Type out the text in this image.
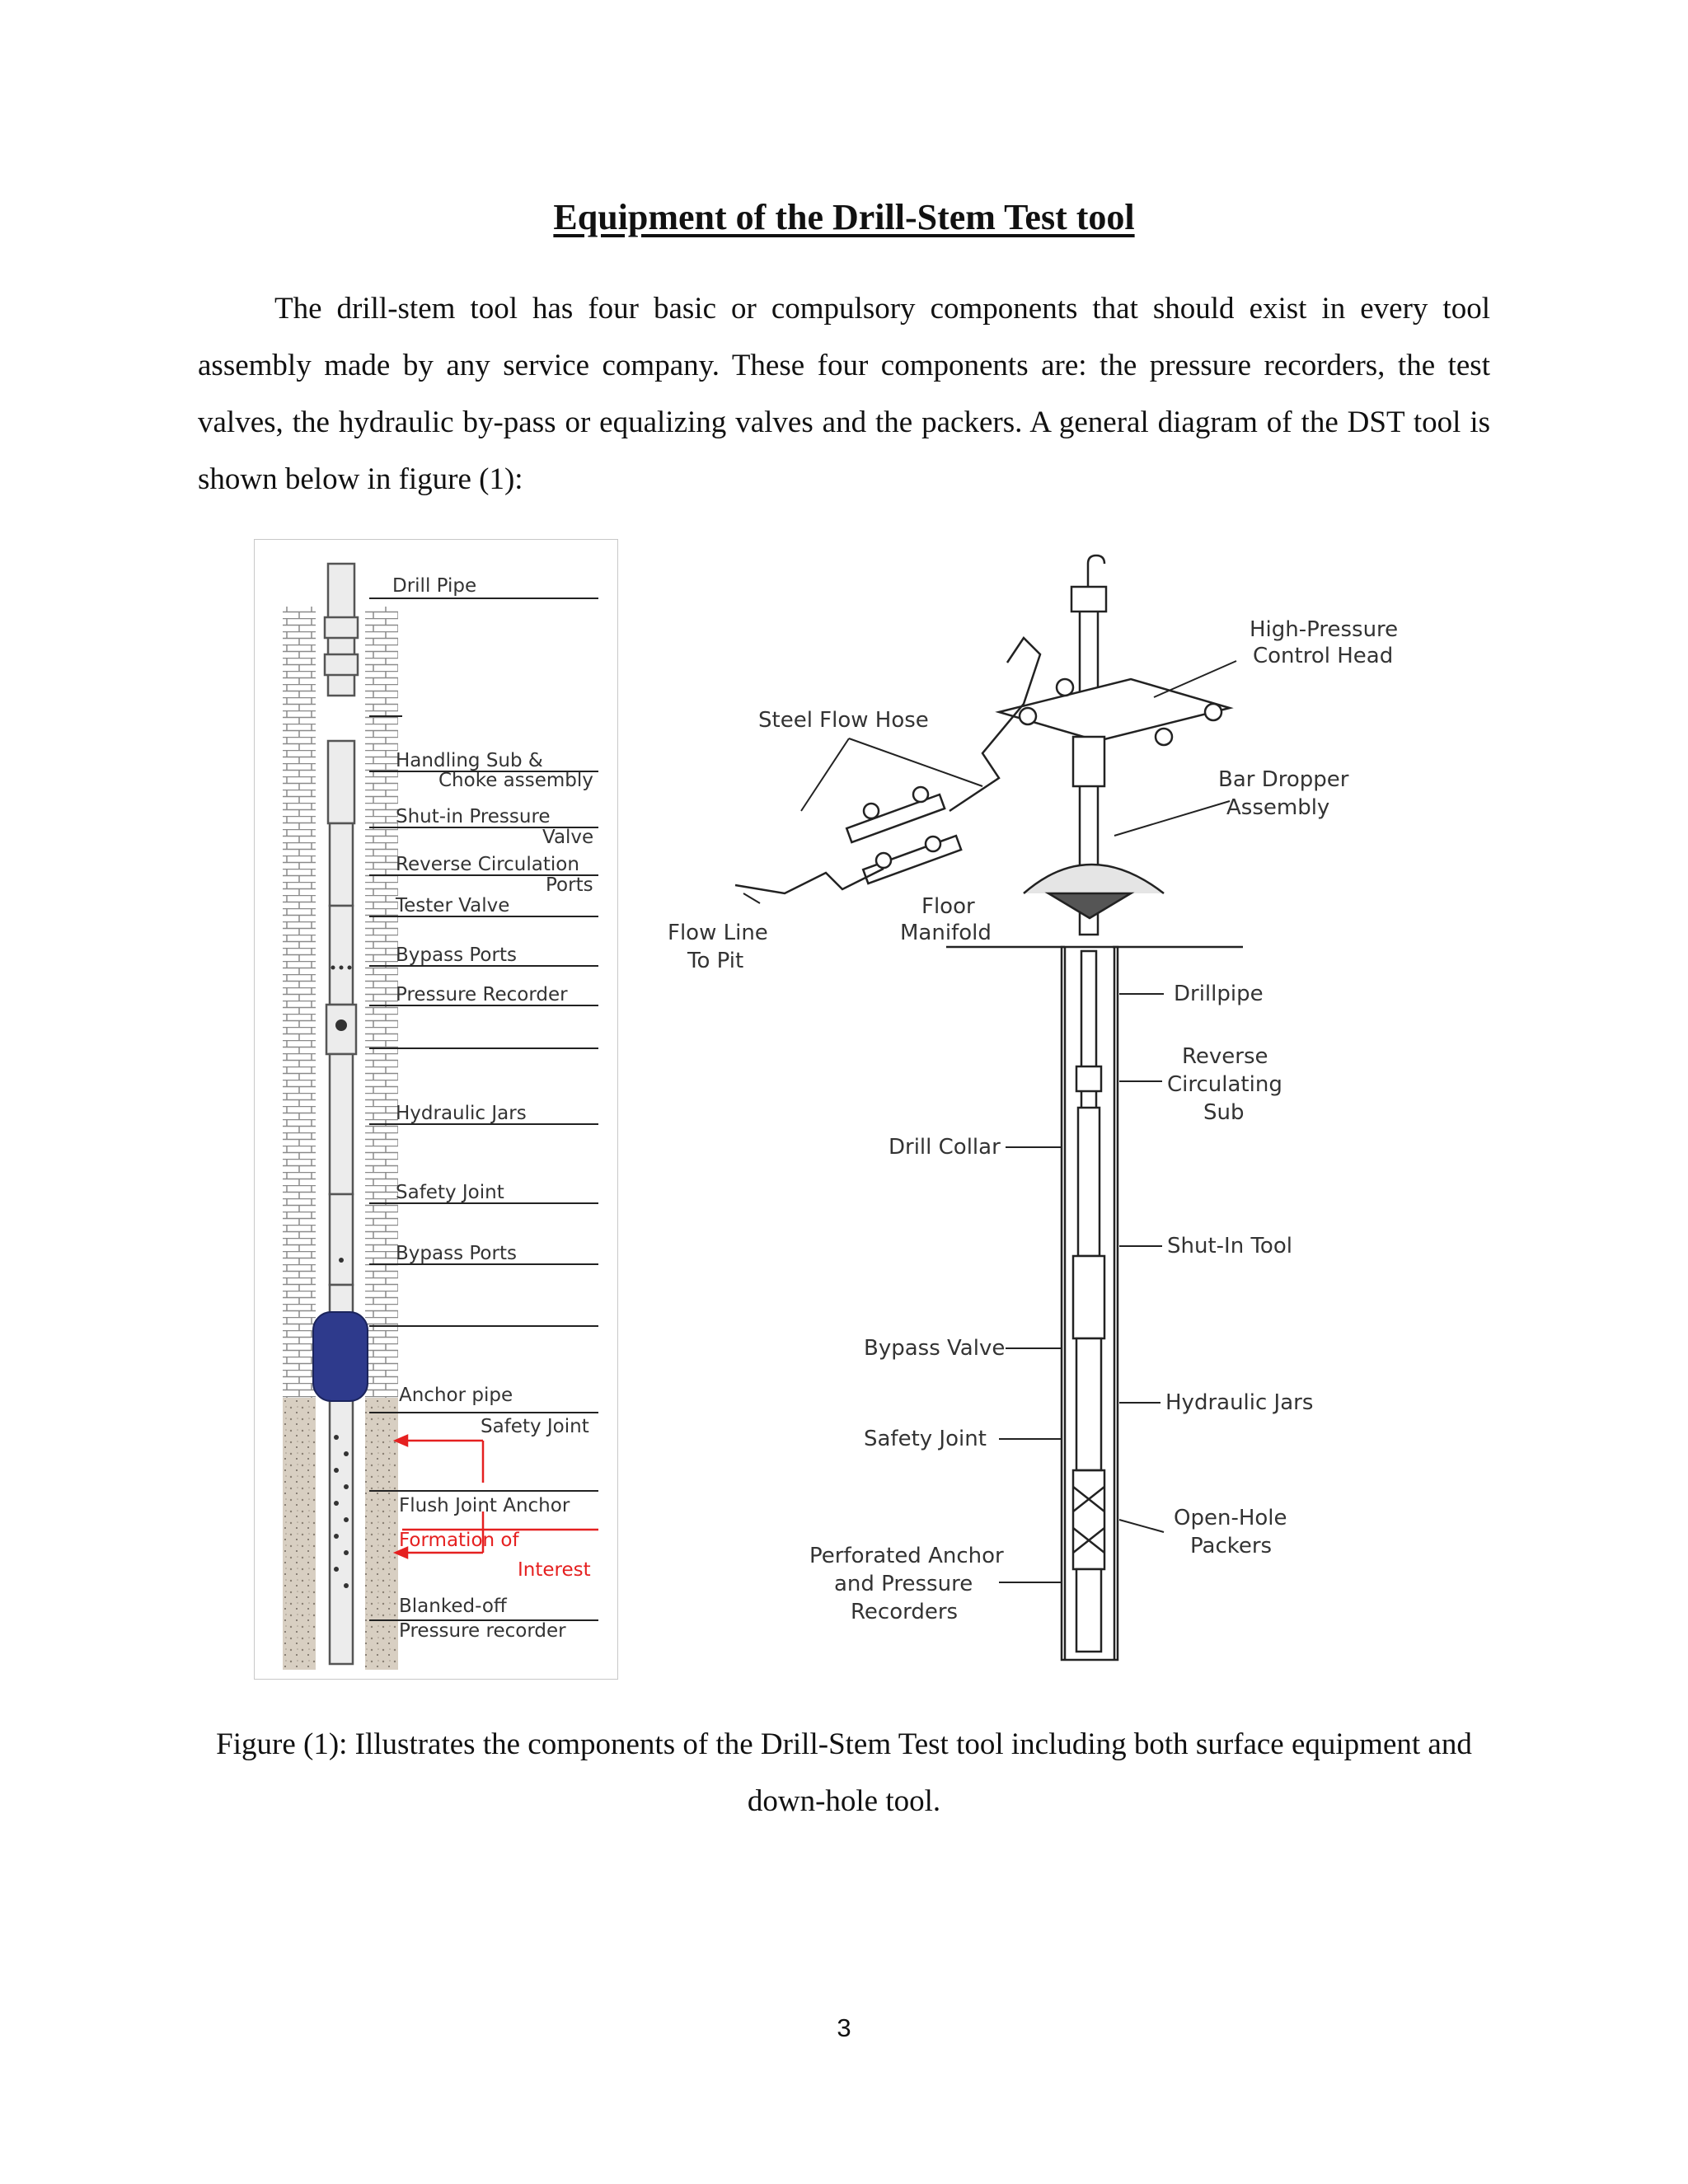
Equipment of the Drill-Stem Test tool

The drill-stem tool has four basic or compulsory components that should exist in every tool assembly made by any service company. These four components are: the pressure recorders, the test valves, the hydraulic by-pass or equalizing valves and the packers. A general diagram of the DST tool is shown below in figure (1):

Drill Pipe
Handling Sub &
Choke assembly
Shut-in Pressure
Valve
Reverse Circulation
Ports
Tester Valve
Bypass Ports
Pressure Recorder
Hydraulic Jars
Safety Joint
Bypass Ports
Anchor pipe
Safety Joint
Flush Joint Anchor
Formation of
Interest
Blanked-off
Pressure recorder
High-Pressure
Control Head
Steel Flow Hose
Bar Dropper
Assembly
Flow Line
To Pit
Floor
Manifold
Drillpipe
Reverse
Circulating
Sub
Drill Collar
Shut-In Tool
Bypass Valve
Hydraulic Jars
Safety Joint
Open-Hole
Packers
Perforated Anchor
and Pressure
Recorders

Figure (1): Illustrates the components of the Drill-Stem Test tool including both surface equipment and down-hole tool.

3
